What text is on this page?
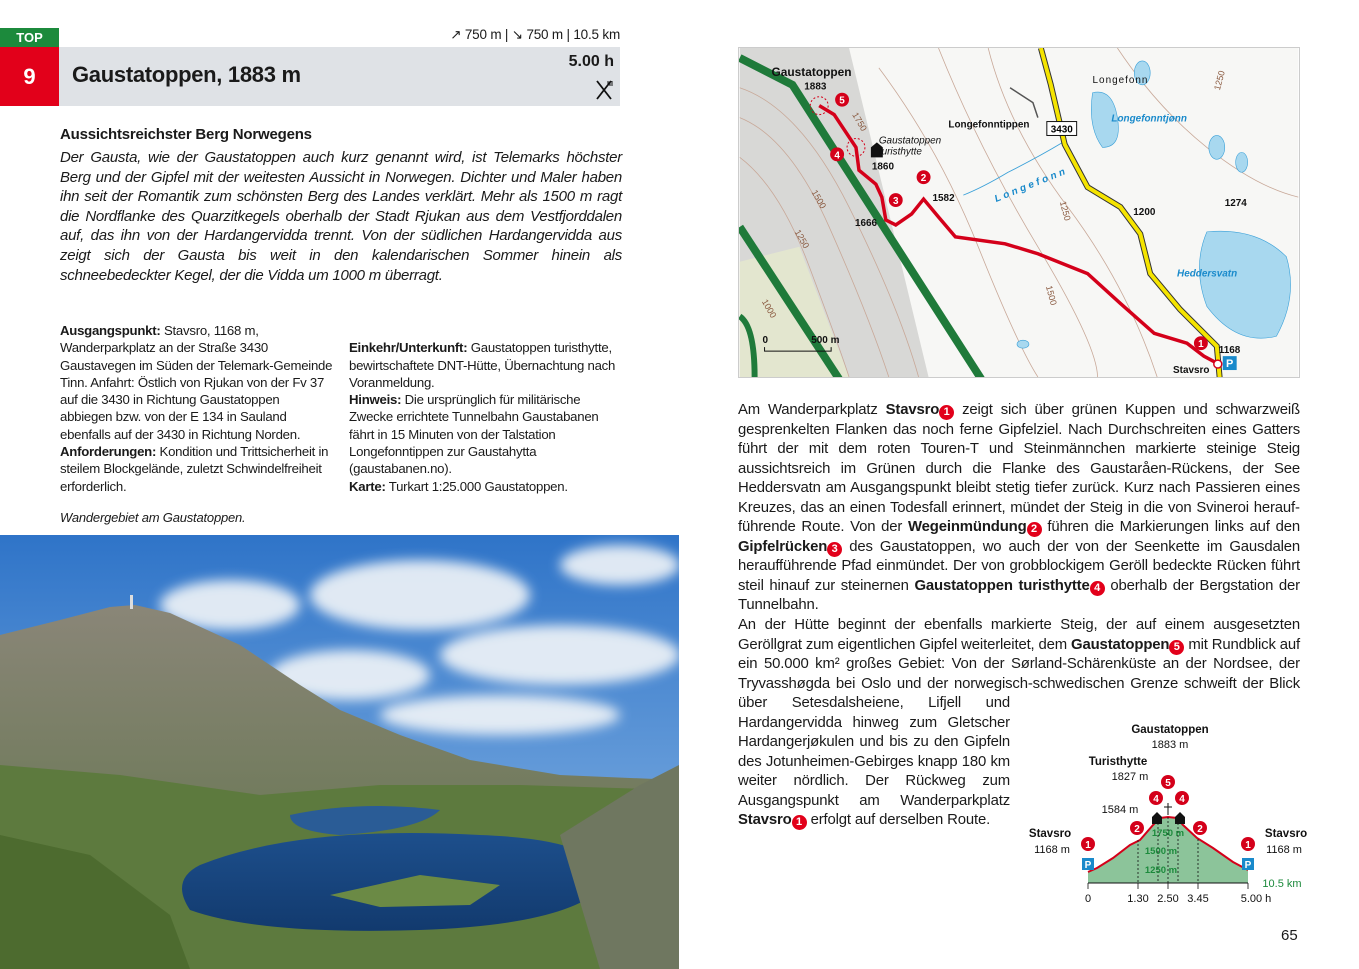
TOP
9	Gaustatoppen, 1883 m
↗ 750 m | ↘ 750 m | 10.5 km
5.00 h
Aussichtsreichster Berg Norwegens
Der Gausta, wie der Gaustatoppen auch kurz genannt wird, ist Telemarks höchster Berg und der Gipfel mit der weitesten Aussicht in Norwegen. Dichter und Maler haben ihn seit der Romantik zum schönsten Berg des Landes verklärt. Mehr als 1500 m ragt die Nordflanke des Quarzitkegels oberhalb der Stadt Rjukan aus dem Vestfjorddalen auf, das ihn von der Hardangervidda trennt. Von der südlichen Hardangervidda aus zeigt sich der Gausta bis weit in den kalendarischen Sommer hinein als schneebedeckter Kegel, der die Vidda um 1000 m überragt.
Ausgangspunkt: Stavsro, 1168 m, Wanderparkplatz an der Straße 3430 Gaustavegen im Süden der Telemark-Gemeinde Tinn. Anfahrt: Östlich von Rjukan von der Fv 37 auf die 3430 in Richtung Gaustatoppen abbiegen bzw. von der E 134 in Sauland ebenfalls auf der 3430 in Richtung Norden.
Anforderungen: Kondition und Trittsicherheit in steilem Blockgelände, zuletzt Schwindelfreiheit erforderlich.
Einkehr/Unterkunft: Gaustatoppen turisthytte, bewirtschaftete DNT-Hütte, Übernachtung nach Voranmeldung.
Hinweis: Die ursprünglich für militärische Zwecke errichtete Tunnelbahn Gaustabanen fährt in 15 Minuten von der Talstation Longefonntippen zur Gaustahytta (gaustabanen.no).
Karte: Turkart 1:25.000 Gaustatoppen.
Wandergebiet am Gaustatoppen.
1
2
3
4
5
P
3430
Gaustatoppen
1883
1860
1582
1666
Longefonntippen
1200
1274
1168
Stavsro
0	500 m
Gaustatoppen
turisthytte
Longefonn
Longefonntjønn
Heddersvatn
Longefonn
1750
1500
1250
1000
1250
1500
1250

Am Wanderparkplatz Stavsro 1 zeigt sich über grünen Kuppen und schwarzweiß gesprenkelten Flanken das noch ferne Gipfelziel. Nach Durchschreiten eines Gatters führt der mit dem roten Touren-T und Steinmännchen markierte steinige Steig aussichtsreich im Grünen durch die Flanke des Gaustaråen-Rückens, der See Heddersvatn am Ausgangspunkt bleibt stetig tiefer zurück. Kurz nach Passieren eines Kreuzes, das an einen Todesfall erinnert, mündet der Steig in die von Svineroi heraufführende Route. Von der Wegeinmündung 2 führen die Markierungen links auf den Gipfelrücken 3 des Gaustatoppen, wo auch der von der Seenkette im Gausdalen heraufführende Pfad einmündet. Der von grobblockigem Geröll bedeckte Rücken führt steil hinauf zur steinernen Gaustatoppen turisthytte 4 oberhalb der Bergstation der Tunnelbahn.

An der Hütte beginnt der ebenfalls markierte Steig, der auf einem ausgesetzten Geröllgrat zum eigentlichen Gipfel weiterleitet, dem Gaustatoppen 5 mit Rundblick auf ein 50.000 km² großes Gebiet: Von der Sørland-Schärenküste an der Nordsee, der Tryvasshøgda bei Oslo und der norwegisch-schwedischen Grenze schweift der Blick über Setesdalsheiene, Lifjell und Hardangervidda hinweg zum Gletscher Hardangerjøkulen und bis zu den Gipfeln des Jotunheimen-Gebirges knapp 180 km weiter nördlich. Der Rückweg zum Ausgangspunkt am Wanderparkplatz Stavsro 1 erfolgt auf derselben Route.

1750 m
1500 m
1250 m
10.5 km
0	1.30 2.50 3.45	5.00 h
1883 m
1827 m
1584 m
1168 m	1168 m
Gaustatoppen
Turisthytte
Stavsro	Stavsro
1
2
4
5
4
2
1
P	P
65
